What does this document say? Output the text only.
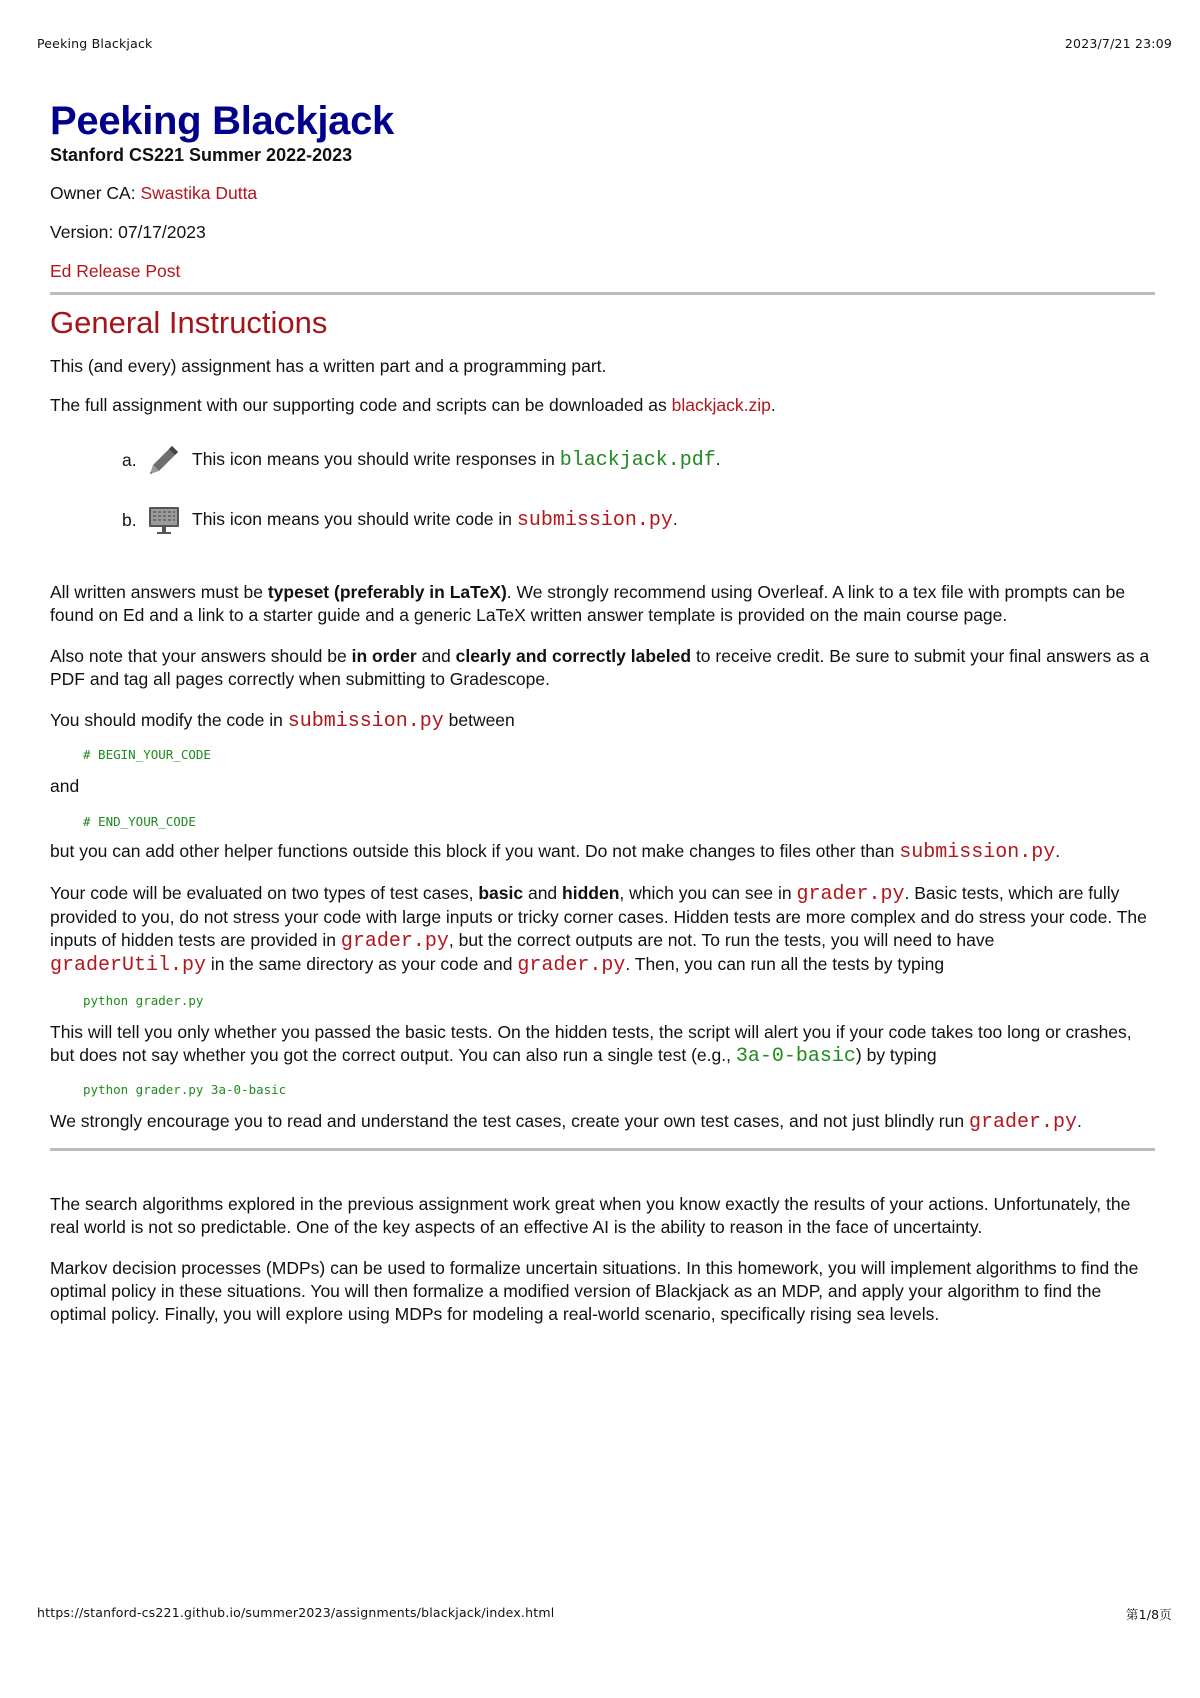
Peeking Blackjack	2023/7/21 23:09
Peeking Blackjack
Stanford CS221 Summer 2022-2023

Owner CA: Swastika Dutta

Version: 07/17/2023

Ed Release Post

General Instructions

This (and every) assignment has a written part and a programming part.

The full assignment with our supporting code and scripts can be downloaded as blackjack.zip.

a.	This icon means you should write responses in blackjack.pdf.
b.	This icon means you should write code in submission.py.

All written answers must be typeset (preferably in LaTeX). We strongly recommend using Overleaf. A link to a tex file with prompts can be found on Ed and a link to a starter guide and a generic LaTeX written answer template is provided on the main course page.

Also note that your answers should be in order and clearly and correctly labeled to receive credit. Be sure to submit your final answers as a PDF and tag all pages correctly when submitting to Gradescope.

You should modify the code in submission.py between

# BEGIN_YOUR_CODE

and

# END_YOUR_CODE

but you can add other helper functions outside this block if you want. Do not make changes to files other than submission.py.

Your code will be evaluated on two types of test cases, basic and hidden, which you can see in grader.py. Basic tests, which are fully provided to you, do not stress your code with large inputs or tricky corner cases. Hidden tests are more complex and do stress your code. The inputs of hidden tests are provided in grader.py, but the correct outputs are not. To run the tests, you will need to have graderUtil.py in the same directory as your code and grader.py. Then, you can run all the tests by typing

python grader.py

This will tell you only whether you passed the basic tests. On the hidden tests, the script will alert you if your code takes too long or crashes, but does not say whether you got the correct output. You can also run a single test (e.g., 3a-0-basic) by typing

python grader.py 3a-0-basic

We strongly encourage you to read and understand the test cases, create your own test cases, and not just blindly run grader.py.

The search algorithms explored in the previous assignment work great when you know exactly the results of your actions. Unfortunately, the real world is not so predictable. One of the key aspects of an effective AI is the ability to reason in the face of uncertainty.

Markov decision processes (MDPs) can be used to formalize uncertain situations. In this homework, you will implement algorithms to find the optimal policy in these situations. You will then formalize a modified version of Blackjack as an MDP, and apply your algorithm to find the optimal policy. Finally, you will explore using MDPs for modeling a real-world scenario, specifically rising sea levels.

https://stanford-cs221.github.io/summer2023/assignments/blackjack/index.html	第1/8页
